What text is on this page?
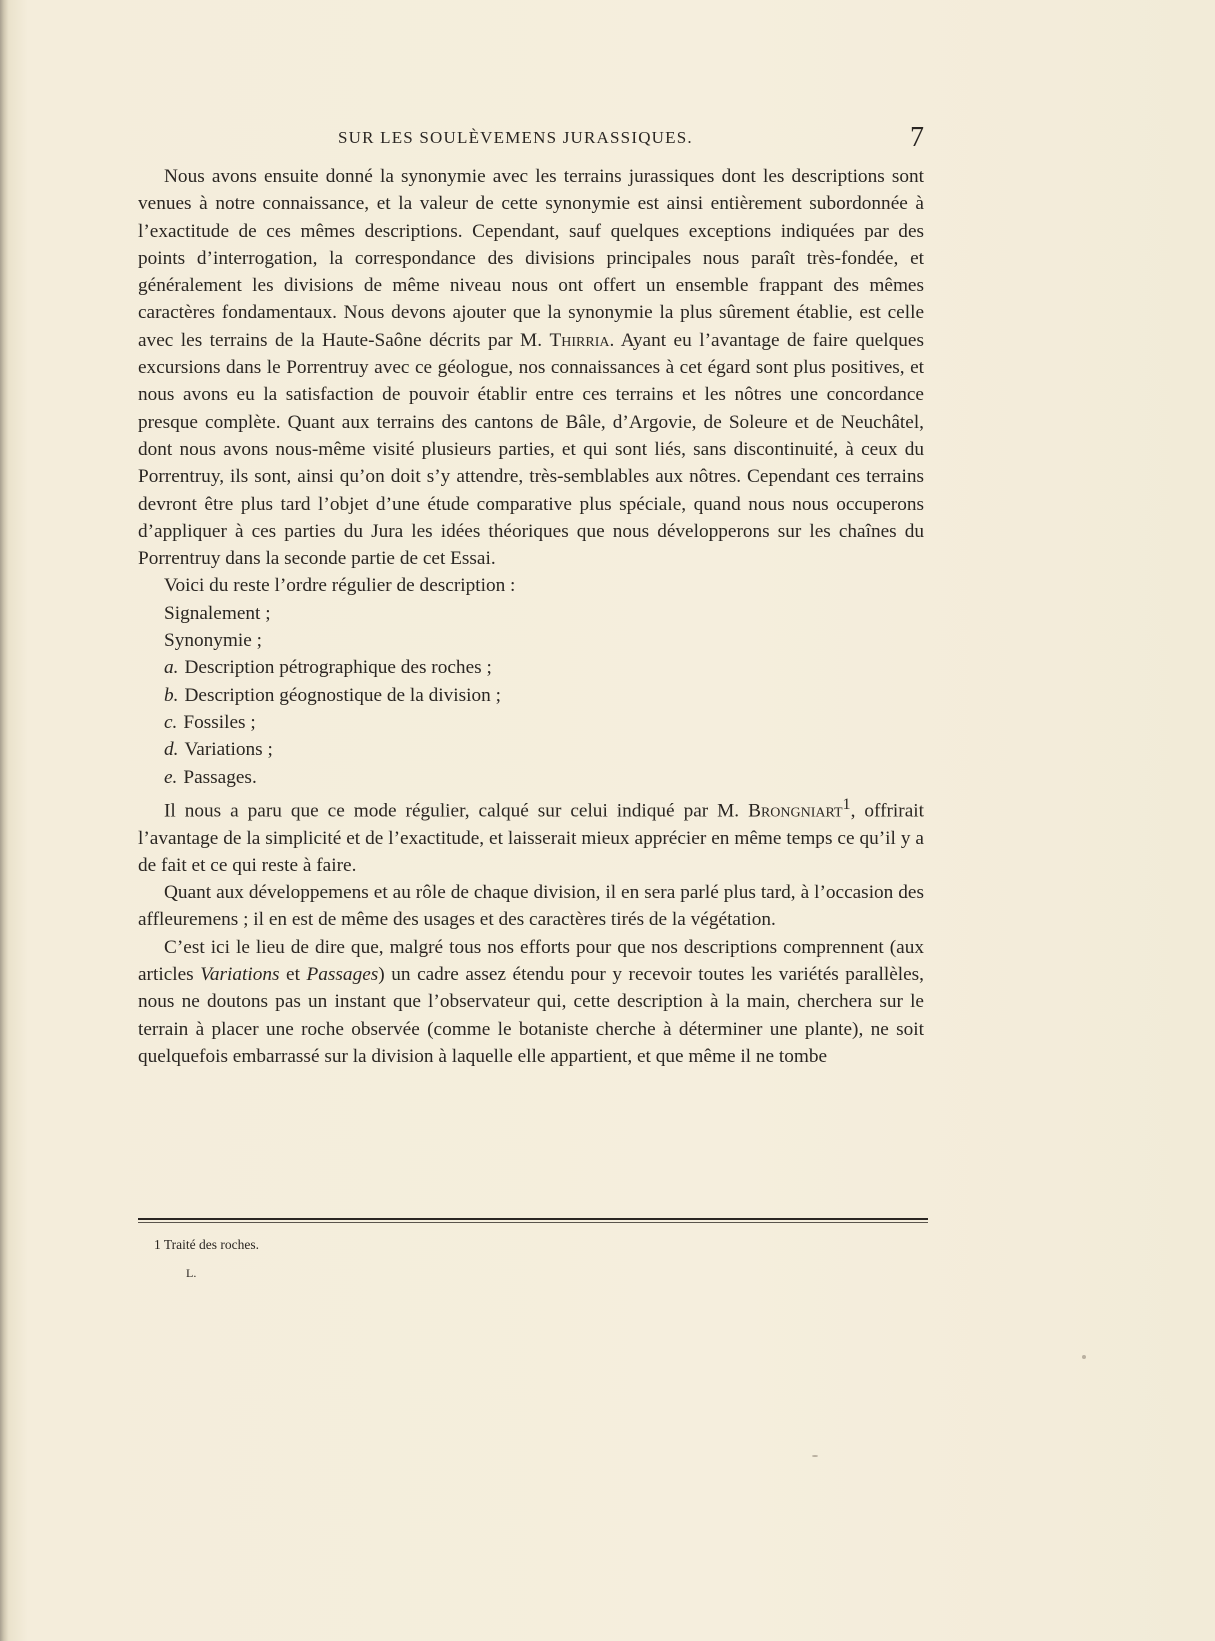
SUR LES SOULÈVEMENS JURASSIQUES.	7

Nous avons ensuite donné la synonymie avec les terrains jurassiques dont les descriptions sont venues à notre connaissance, et la valeur de cette synonymie est ainsi entièrement subordonnée à l’exactitude de ces mêmes descriptions. Cependant, sauf quelques exceptions indiquées par des points d’interrogation, la correspondance des divisions principales nous paraît très-fondée, et généralement les divisions de même niveau nous ont offert un ensemble frappant des mêmes caractères fondamentaux. Nous devons ajouter que la synonymie la plus sûrement établie, est celle avec les terrains de la Haute-Saône décrits par M. Thirria. Ayant eu l’avantage de faire quelques excursions dans le Porrentruy avec ce géologue, nos connaissances à cet égard sont plus positives, et nous avons eu la satisfaction de pouvoir établir entre ces terrains et les nôtres une concordance presque complète. Quant aux terrains des cantons de Bâle, d’Argovie, de Soleure et de Neuchâtel, dont nous avons nous-même visité plusieurs parties, et qui sont liés, sans discontinuité, à ceux du Porrentruy, ils sont, ainsi qu’on doit s’y attendre, très-semblables aux nôtres. Cependant ces terrains devront être plus tard l’objet d’une étude comparative plus spéciale, quand nous nous occuperons d’appliquer à ces parties du Jura les idées théoriques que nous développerons sur les chaînes du Porrentruy dans la seconde partie de cet Essai.

Voici du reste l’ordre régulier de description :

Signalement ;

Synonymie ;

a. Description pétrographique des roches ;

b. Description géognostique de la division ;

c. Fossiles ;

d. Variations ;

e. Passages.

Il nous a paru que ce mode régulier, calqué sur celui indiqué par M. Brongniart$^1$, offrirait l’avantage de la simplicité et de l’exactitude, et laisserait mieux apprécier en même temps ce qu’il y a de fait et ce qui reste à faire.

Quant aux développemens et au rôle de chaque division, il en sera parlé plus tard, à l’occasion des affleuremens ; il en est de même des usages et des caractères tirés de la végétation.

C’est ici le lieu de dire que, malgré tous nos efforts pour que nos descriptions comprennent (aux articles Variations et Passages) un cadre assez étendu pour y recevoir toutes les variétés parallèles, nous ne doutons pas un instant que l’observateur qui, cette description à la main, cherchera sur le terrain à placer une roche observée (comme le botaniste cherche à déterminer une plante), ne soit quelquefois embarrassé sur la division à laquelle elle appartient, et que même il ne tombe

1 Traité des roches.
L.
